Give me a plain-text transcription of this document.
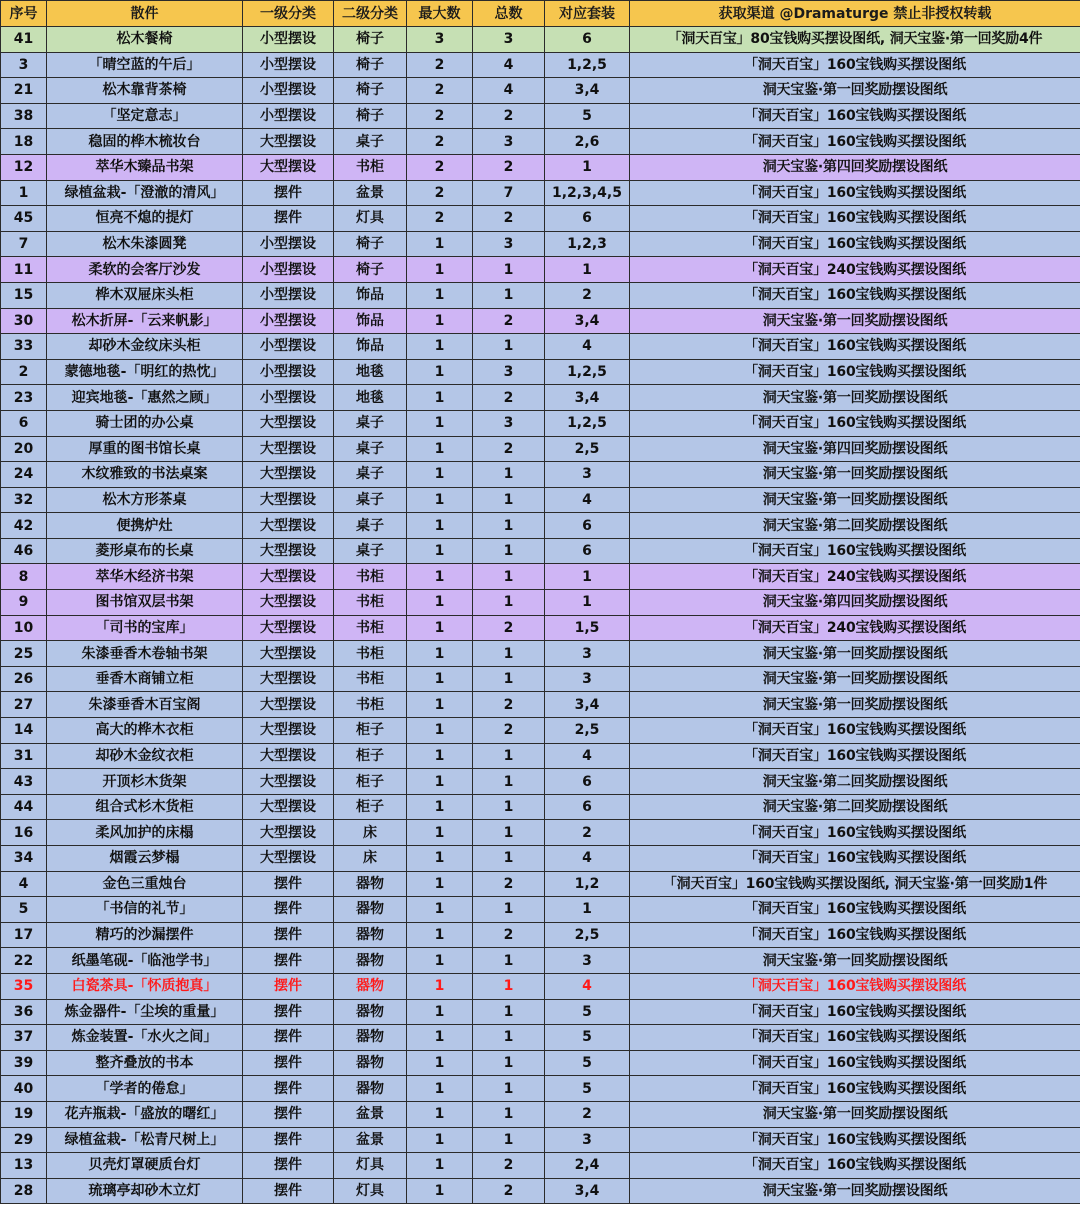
序号	散件	一级分类	二级分类	最大数	总数	对应套装	获取渠道 @Dramaturge 禁止非授权转载
41	松木餐椅	小型摆设	椅子	3	3	6	「洞天百宝」80宝钱购买摆设图纸, 洞天宝鉴·第一回奖励4件
3	「晴空蓝的午后」	小型摆设	椅子	2	4	1,2,5	「洞天百宝」160宝钱购买摆设图纸
21	松木靠背茶椅	小型摆设	椅子	2	4	3,4	洞天宝鉴·第一回奖励摆设图纸
38	「坚定意志」	小型摆设	椅子	2	2	5	「洞天百宝」160宝钱购买摆设图纸
18	稳固的桦木梳妆台	大型摆设	桌子	2	3	2,6	「洞天百宝」160宝钱购买摆设图纸
12	萃华木臻品书架	大型摆设	书柜	2	2	1	洞天宝鉴·第四回奖励摆设图纸
1	绿植盆栽-「澄澈的清风」	摆件	盆景	2	7	1,2,3,4,5	「洞天百宝」160宝钱购买摆设图纸
45	恒亮不熄的提灯	摆件	灯具	2	2	6	「洞天百宝」160宝钱购买摆设图纸
7	松木朱漆圆凳	小型摆设	椅子	1	3	1,2,3	「洞天百宝」160宝钱购买摆设图纸
11	柔软的会客厅沙发	小型摆设	椅子	1	1	1	「洞天百宝」240宝钱购买摆设图纸
15	桦木双屉床头柜	小型摆设	饰品	1	1	2	「洞天百宝」160宝钱购买摆设图纸
30	松木折屏-「云来帆影」	小型摆设	饰品	1	2	3,4	洞天宝鉴·第一回奖励摆设图纸
33	却砂木金纹床头柜	小型摆设	饰品	1	1	4	「洞天百宝」160宝钱购买摆设图纸
2	蒙德地毯-「明红的热忱」	小型摆设	地毯	1	3	1,2,5	「洞天百宝」160宝钱购买摆设图纸
23	迎宾地毯-「惠然之顾」	小型摆设	地毯	1	2	3,4	洞天宝鉴·第一回奖励摆设图纸
6	骑士团的办公桌	大型摆设	桌子	1	3	1,2,5	「洞天百宝」160宝钱购买摆设图纸
20	厚重的图书馆长桌	大型摆设	桌子	1	2	2,5	洞天宝鉴·第四回奖励摆设图纸
24	木纹雅致的书法桌案	大型摆设	桌子	1	1	3	洞天宝鉴·第一回奖励摆设图纸
32	松木方形茶桌	大型摆设	桌子	1	1	4	洞天宝鉴·第一回奖励摆设图纸
42	便携炉灶	大型摆设	桌子	1	1	6	洞天宝鉴·第二回奖励摆设图纸
46	菱形桌布的长桌	大型摆设	桌子	1	1	6	「洞天百宝」160宝钱购买摆设图纸
8	萃华木经济书架	大型摆设	书柜	1	1	1	「洞天百宝」240宝钱购买摆设图纸
9	图书馆双层书架	大型摆设	书柜	1	1	1	洞天宝鉴·第四回奖励摆设图纸
10	「司书的宝库」	大型摆设	书柜	1	2	1,5	「洞天百宝」240宝钱购买摆设图纸
25	朱漆垂香木卷轴书架	大型摆设	书柜	1	1	3	洞天宝鉴·第一回奖励摆设图纸
26	垂香木商铺立柜	大型摆设	书柜	1	1	3	洞天宝鉴·第一回奖励摆设图纸
27	朱漆垂香木百宝阁	大型摆设	书柜	1	2	3,4	洞天宝鉴·第一回奖励摆设图纸
14	高大的桦木衣柜	大型摆设	柜子	1	2	2,5	「洞天百宝」160宝钱购买摆设图纸
31	却砂木金纹衣柜	大型摆设	柜子	1	1	4	「洞天百宝」160宝钱购买摆设图纸
43	开顶杉木货架	大型摆设	柜子	1	1	6	洞天宝鉴·第二回奖励摆设图纸
44	组合式杉木货柜	大型摆设	柜子	1	1	6	洞天宝鉴·第二回奖励摆设图纸
16	柔风加护的床榻	大型摆设	床	1	1	2	「洞天百宝」160宝钱购买摆设图纸
34	烟霞云梦榻	大型摆设	床	1	1	4	「洞天百宝」160宝钱购买摆设图纸
4	金色三重烛台	摆件	器物	1	2	1,2	「洞天百宝」160宝钱购买摆设图纸, 洞天宝鉴·第一回奖励1件
5	「书信的礼节」	摆件	器物	1	1	1	「洞天百宝」160宝钱购买摆设图纸
17	精巧的沙漏摆件	摆件	器物	1	2	2,5	「洞天百宝」160宝钱购买摆设图纸
22	纸墨笔砚-「临池学书」	摆件	器物	1	1	3	洞天宝鉴·第一回奖励摆设图纸
35	白瓷茶具-「怀质抱真」	摆件	器物	1	1	4	「洞天百宝」160宝钱购买摆设图纸
36	炼金器件-「尘埃的重量」	摆件	器物	1	1	5	「洞天百宝」160宝钱购买摆设图纸
37	炼金装置-「水火之间」	摆件	器物	1	1	5	「洞天百宝」160宝钱购买摆设图纸
39	整齐叠放的书本	摆件	器物	1	1	5	「洞天百宝」160宝钱购买摆设图纸
40	「学者的倦怠」	摆件	器物	1	1	5	「洞天百宝」160宝钱购买摆设图纸
19	花卉瓶栽-「盛放的曙红」	摆件	盆景	1	1	2	洞天宝鉴·第一回奖励摆设图纸
29	绿植盆栽-「松青尺树上」	摆件	盆景	1	1	3	「洞天百宝」160宝钱购买摆设图纸
13	贝壳灯罩硬质台灯	摆件	灯具	1	2	2,4	「洞天百宝」160宝钱购买摆设图纸
28	琉璃亭却砂木立灯	摆件	灯具	1	2	3,4	洞天宝鉴·第一回奖励摆设图纸
